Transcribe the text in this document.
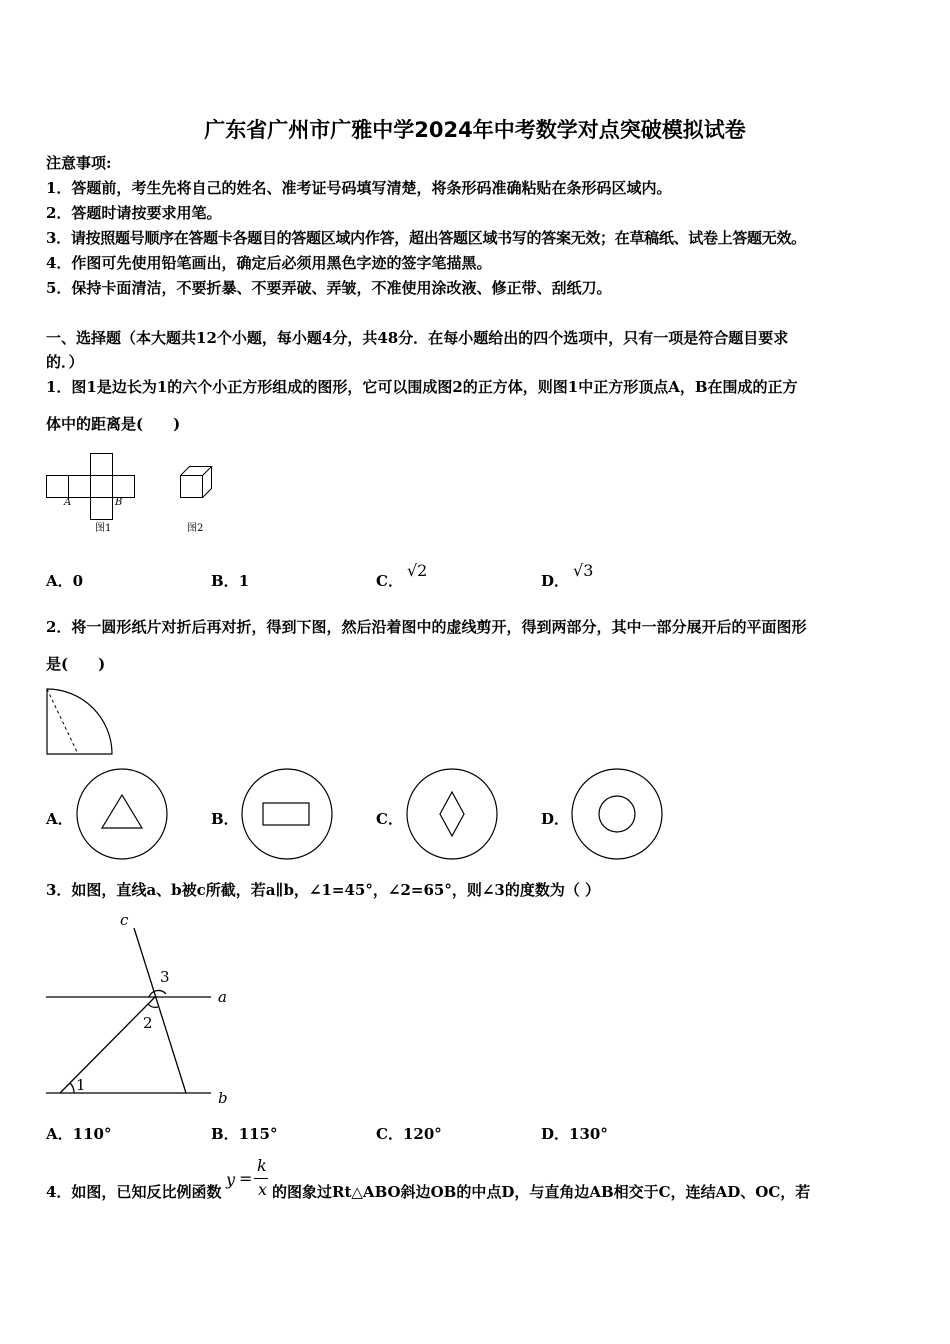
广东省广州市广雅中学2024年中考数学对点突破模拟试卷
注意事项:
1．答题前，考生先将自己的姓名、准考证号码填写清楚，将条形码准确粘贴在条形码区域内。
2．答题时请按要求用笔。
3．请按照题号顺序在答题卡各题目的答题区域内作答，超出答题区域书写的答案无效；在草稿纸、试卷上答题无效。
4．作图可先使用铅笔画出，确定后必须用黑色字迹的签字笔描黑。
5．保持卡面清洁，不要折暴、不要弄破、弄皱，不准使用涂改液、修正带、刮纸刀。
一、选择题（本大题共12个小题，每小题4分，共48分．在每小题给出的四个选项中，只有一项是符合题目要求
的．）
1．图1是边长为1的六个小正方形组成的图形，它可以围成图2的正方体，则图1中正方形顶点A，B在围成的正方
体中的距离是(　　)
A	B
图1	图2
A．0	B．1	C．√2
D．√3
2．将一圆形纸片对折后再对折，得到下图，然后沿着图中的虚线剪开，得到两部分，其中一部分展开后的平面图形
是(　　)
A．	B．	C．	D．
3．如图，直线a、b被c所截，若a∥b，∠1=45°，∠2=65°，则∠3的度数为（ ）
c
a
b
3
2
1
A．110°	B．115°	C．120°	D．130°
4．如图，已知反比例函数
y =
k
x 的图象过Rt△ABO斜边OB的中点D，与直角边AB相交于C，连结AD、OC，若
